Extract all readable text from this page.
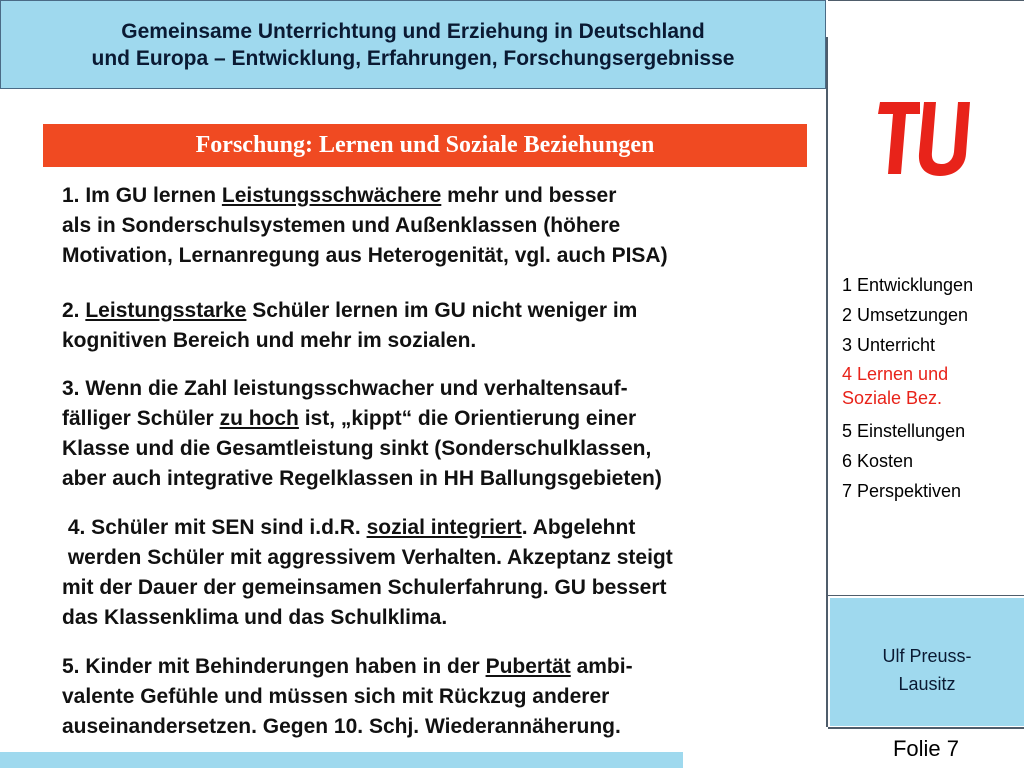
Gemeinsame Unterrichtung und Erziehung in Deutschland
und Europa – Entwicklung, Erfahrungen, Forschungsergebnisse
berlin
1 Entwicklungen
2 Umsetzungen
3 Unterricht
4 Lernen und
Soziale Bez.
5 Einstellungen
6 Kosten
7 Perspektiven
Ulf Preuss-Lausitz
Folie 7
Forschung: Lernen und Soziale Beziehungen
1. Im GU lernen Leistungsschwächere mehr und besser
als in Sonderschulsystemen und Außenklassen (höhere
Motivation, Lernanregung aus Heterogenität, vgl. auch PISA)
2. Leistungsstarke Schüler lernen im GU nicht weniger im
kognitiven Bereich und mehr im sozialen.
3. Wenn die Zahl leistungsschwacher und verhaltensauf-
fälliger Schüler zu hoch ist, „kippt“ die Orientierung einer
Klasse und die Gesamtleistung sinkt (Sonderschulklassen,
aber auch integrative Regelklassen in HH Ballungsgebieten)
4. Schüler mit SEN sind i.d.R. sozial integriert. Abgelehnt
werden Schüler mit aggressivem Verhalten. Akzeptanz steigt
mit der Dauer der gemeinsamen Schulerfahrung. GU bessert
das Klassenklima und das Schulklima.
5. Kinder mit Behinderungen haben in der Pubertät ambi-
valente Gefühle und müssen sich mit Rückzug anderer
auseinandersetzen. Gegen 10. Schj. Wiederannäherung.
